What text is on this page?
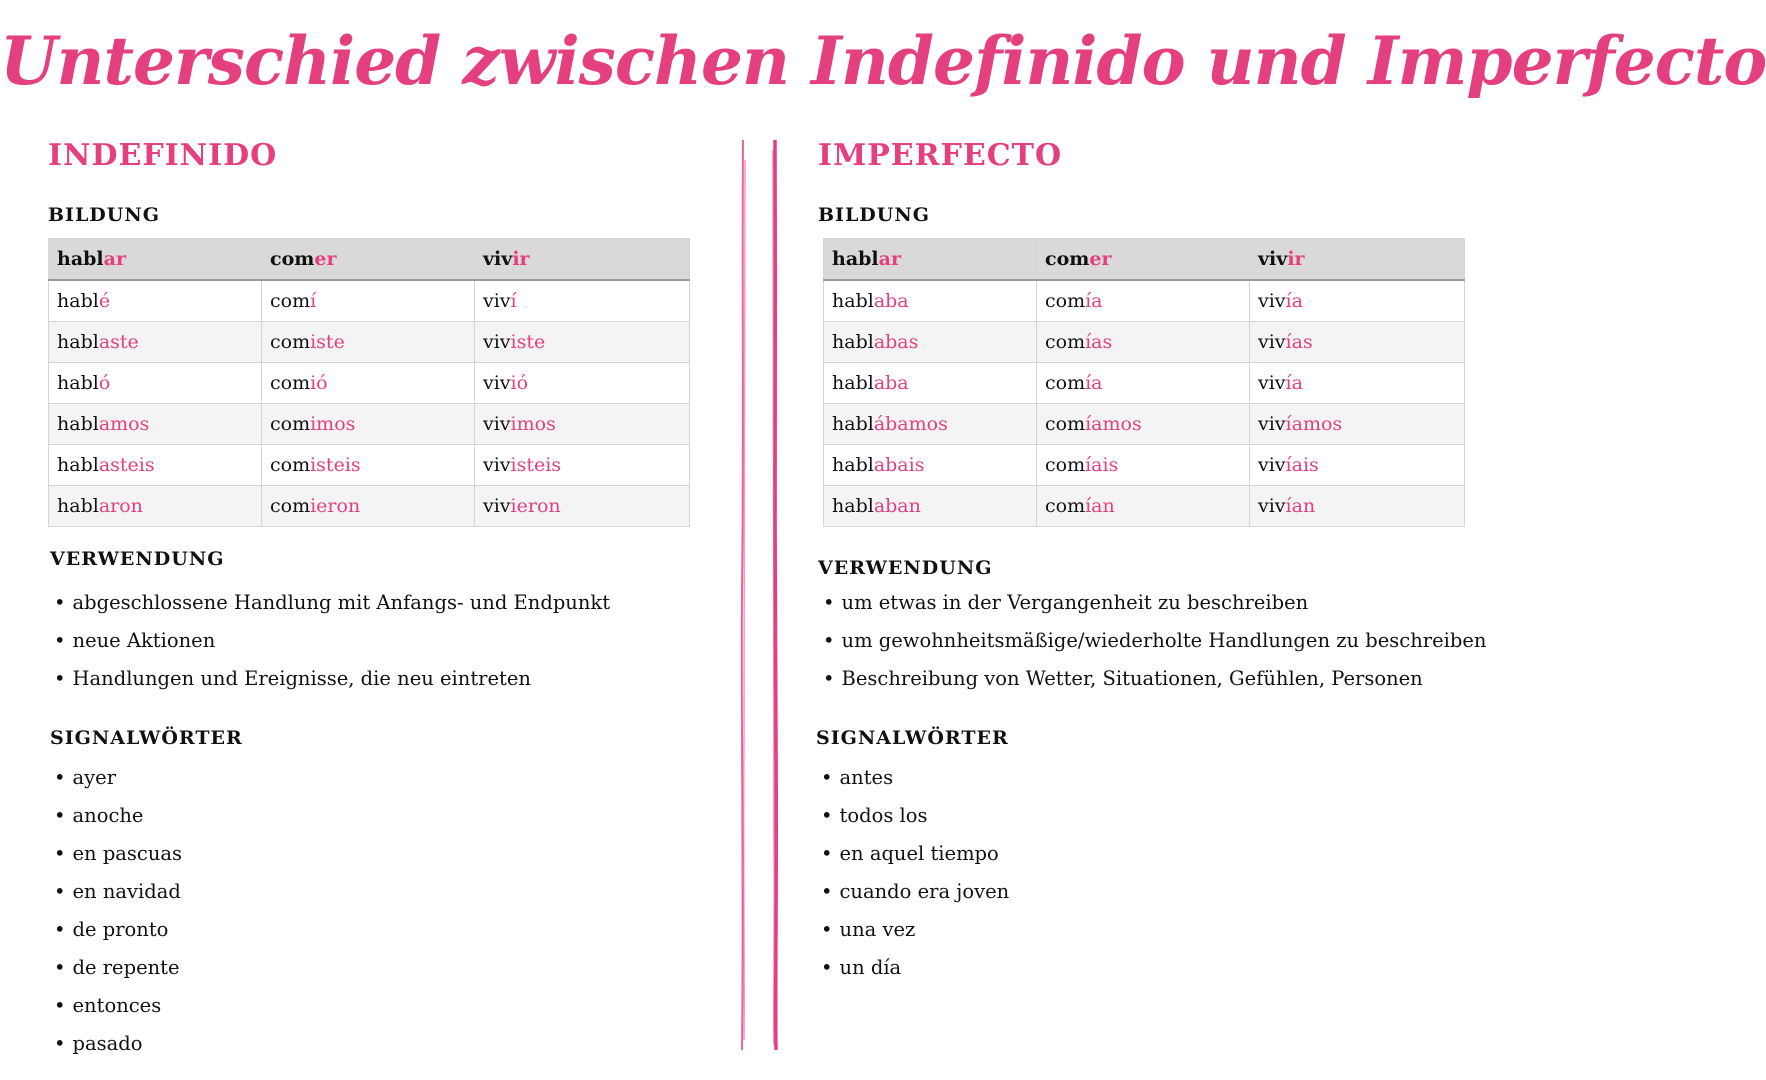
Unterschied zwischen Indefinido und Imperfecto
INDEFINIDO
BILDUNG
hablar	comer	vivir
hablé	comí	viví
hablaste	comiste	viviste
habló	comió	vivió
hablamos	comimos	vivimos
hablasteis	comisteis	vivisteis
hablaron	comieron	vivieron
VERWENDUNG
• abgeschlossene Handlung mit Anfangs- und Endpunkt
• neue Aktionen
• Handlungen und Ereignisse, die neu eintreten
SIGNALWÖRTER
• ayer
• anoche
• en pascuas
• en navidad
• de pronto
• de repente
• entonces
• pasado
IMPERFECTO
BILDUNG
hablar	comer	vivir
hablaba	comía	vivía
hablabas	comías	vivías
hablaba	comía	vivía
hablábamos	comíamos	vivíamos
hablabais	comíais	vivíais
hablaban	comían	vivían
VERWENDUNG
• um etwas in der Vergangenheit zu beschreiben
• um gewohnheitsmäßige/wiederholte Handlungen zu beschreiben
• Beschreibung von Wetter, Situationen, Gefühlen, Personen
SIGNALWÖRTER
• antes
• todos los
• en aquel tiempo
• cuando era joven
• una vez
• un día
